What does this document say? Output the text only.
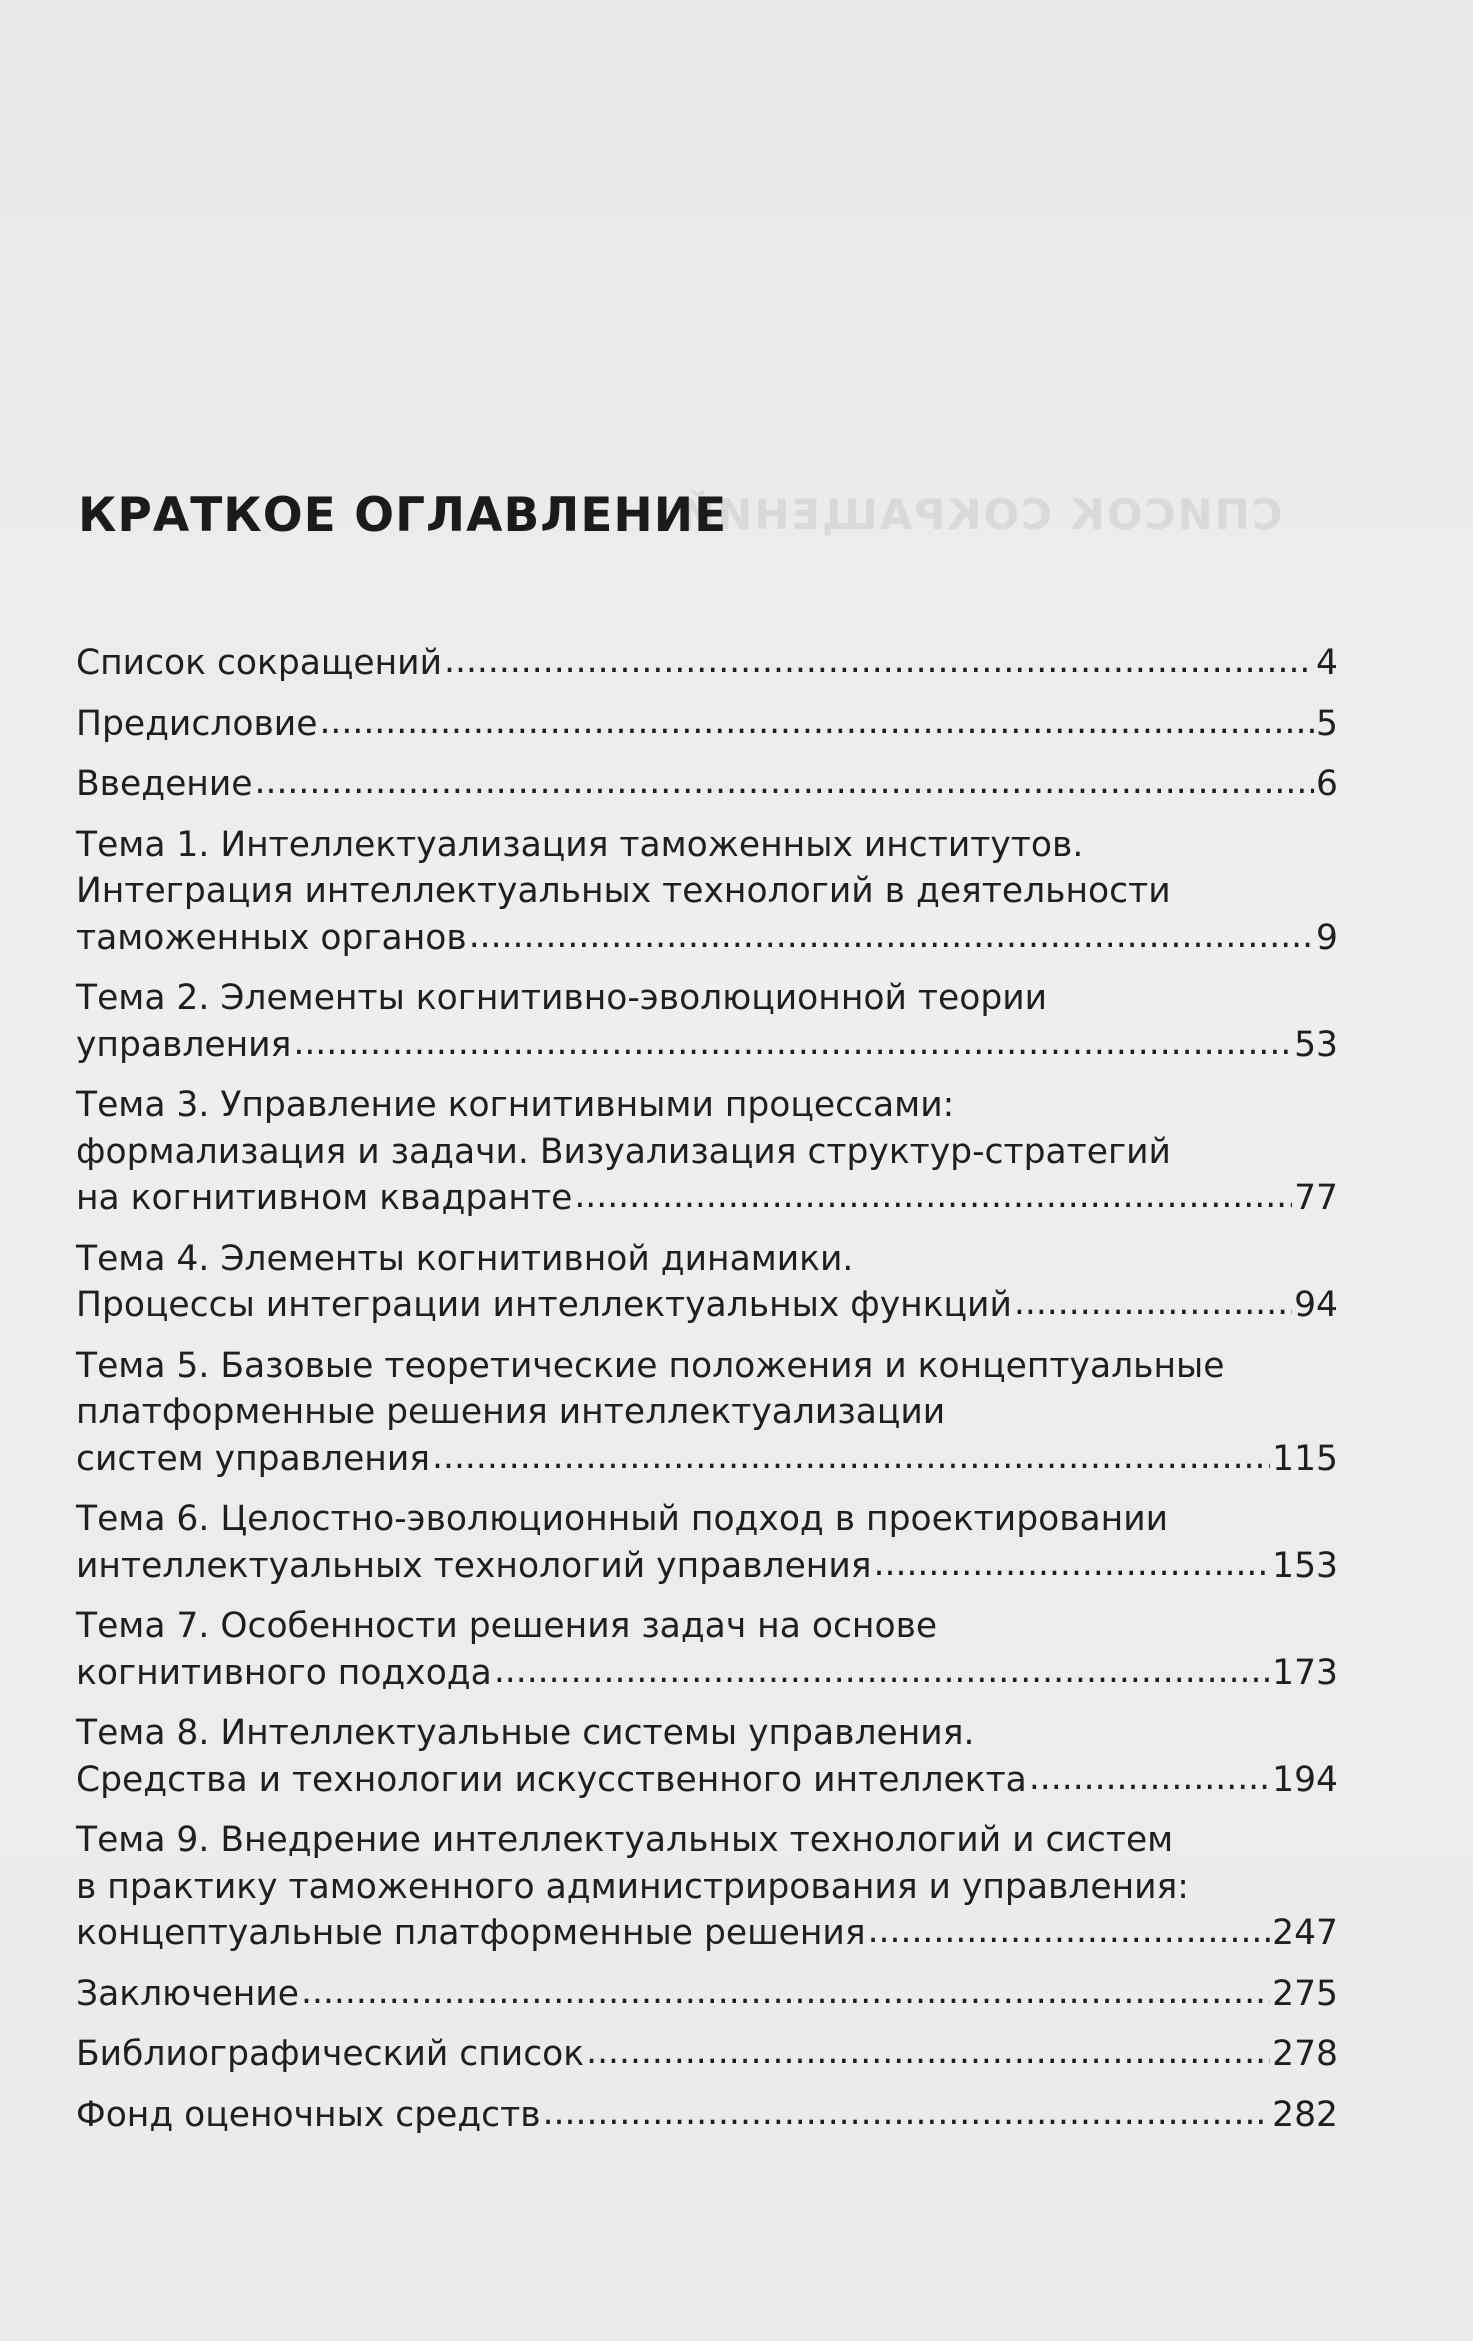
СПИСОК СОКРАЩЕНИЙ
КРАТКОЕ ОГЛАВЛЕНИЕ
Список сокращений .....	4
Предисловие .....	5
Введение .....	6
Тема 1. Интеллектуализация таможенных институтов.
Интеграция интеллектуальных технологий в деятельности
таможенных органов .....	9
Тема 2. Элементы когнитивно-эволюционной теории
управления .....	53
Тема 3. Управление когнитивными процессами:
формализация и задачи. Визуализация структур-стратегий
на когнитивном квадранте .....	77
Тема 4. Элементы когнитивной динамики.
Процессы интеграции интеллектуальных функций .....	94
Тема 5. Базовые теоретические положения и концептуальные
платформенные решения интеллектуализации
систем управления .....	115
Тема 6. Целостно-эволюционный подход в проектировании
интеллектуальных технологий управления .....	153
Тема 7. Особенности решения задач на основе
когнитивного подхода .....	173
Тема 8. Интеллектуальные системы управления.
Средства и технологии искусственного интеллекта .....	194
Тема 9. Внедрение интеллектуальных технологий и систем
в практику таможенного администрирования и управления:
концептуальные платформенные решения .....	247
Заключение .....	275
Библиографический список .....	278
Фонд оценочных средств .....	282
